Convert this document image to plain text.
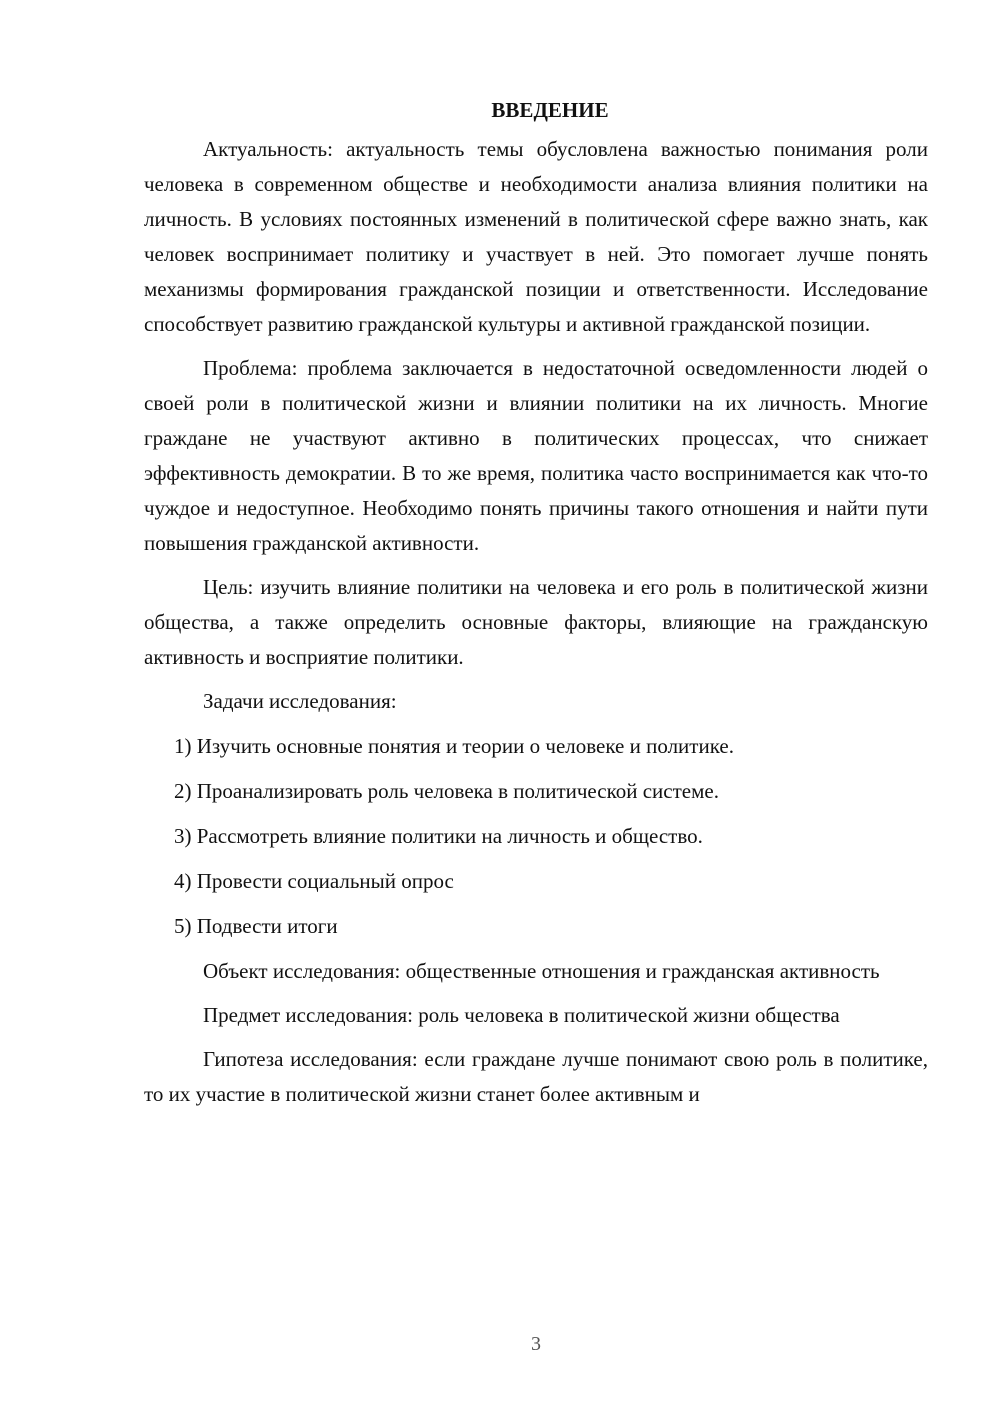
ВВЕДЕНИЕ

Актуальность: актуальность темы обусловлена важностью понимания роли человека в современном обществе и необходимости анализа влияния политики на личность. В условиях постоянных изменений в политической сфере важно знать, как человек воспринимает политику и участвует в ней. Это помогает лучше понять механизмы формирования гражданской позиции и ответственности. Исследование способствует развитию гражданской культуры и активной гражданской позиции.

Проблема: проблема заключается в недостаточной осведомленности людей о своей роли в политической жизни и влиянии политики на их личность. Многие граждане не участвуют активно в политических процессах, что снижает эффективность демократии. В то же время, политика часто воспринимается как что-то чуждое и недоступное. Необходимо понять причины такого отношения и найти пути повышения гражданской активности.

Цель: изучить влияние политики на человека и его роль в политической жизни общества, а также определить основные факторы, влияющие на гражданскую активность и восприятие политики.

Задачи исследования:

1) Изучить основные понятия и теории о человеке и политике.

2) Проанализировать роль человека в политической системе.

3) Рассмотреть влияние политики на личность и общество.

4) Провести социальный опрос

5) Подвести итоги

Объект исследования: общественные отношения и гражданская активность

Предмет исследования: роль человека в политической жизни общества

Гипотеза исследования: если граждане лучше понимают свою роль в политике, то их участие в политической жизни станет более активным и

3
